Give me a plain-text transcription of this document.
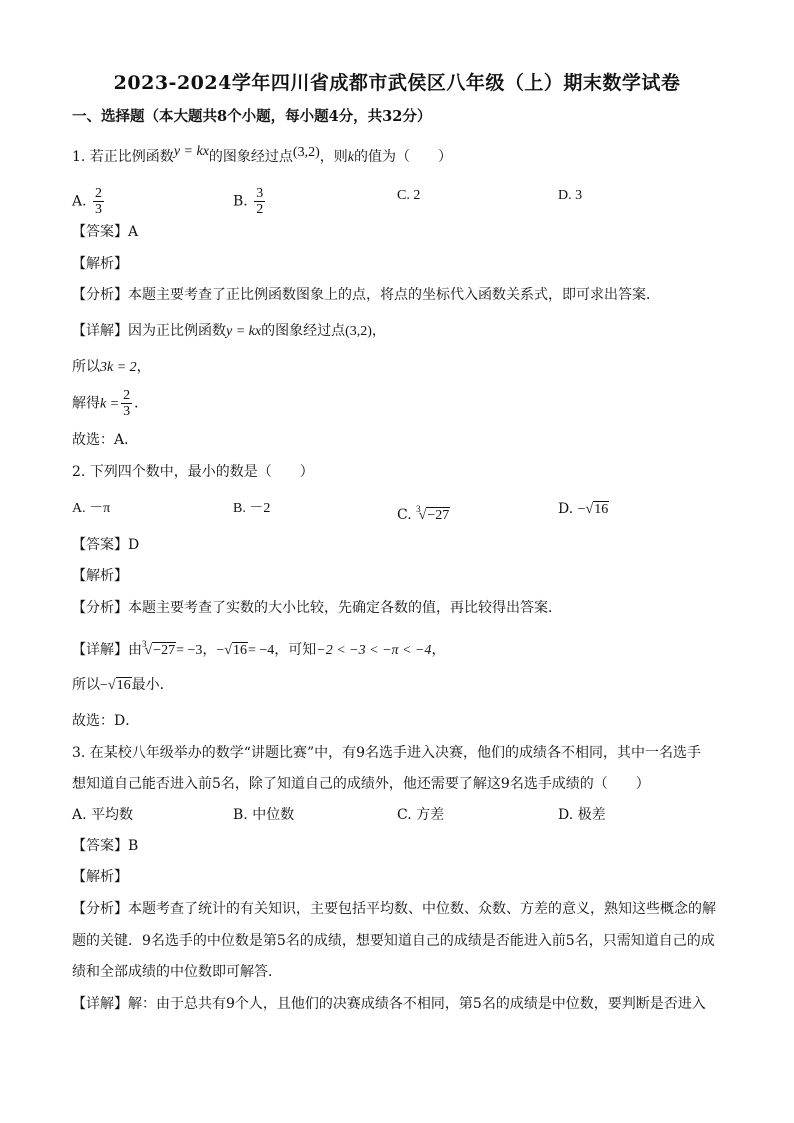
2023-2024学年四川省成都市武侯区八年级（上）期末数学试卷
一、选择题（本大题共8个小题，每小题4分，共32分）
1. 若正比例函数y = kx的图象经过点(3,2)，则k的值为（　　）
A. $\frac{2}{3}$	B. $\frac{3}{2}$	C. 2	D. 3
【答案】A
【解析】
【分析】本题主要考查了正比例函数图象上的点，将点的坐标代入函数关系式，即可求出答案．
【详解】因为正比例函数y = kx的图象经过点(3,2)，
所以3k = 2，
解得$k = \frac{2}{3}$ ．
故选：A．
2. 下列四个数中，最小的数是（　　）
A. －π	B. －2	C. $^3$√−27	D. −√16
【答案】D
【解析】
【分析】本题主要考查了实数的大小比较，先确定各数的值，再比较得出答案．
【详解】由$^3$√−27= −3，−√16= −4，可知−2 < −3 < −π < −4，
所以−√16最小．
故选：D．
3. 在某校八年级举办的数学“讲题比赛”中，有9名选手进入决赛，他们的成绩各不相同，其中一名选手
想知道自己能否进入前5名，除了知道自己的成绩外，他还需要了解这9名选手成绩的（　　）
A. 平均数	B. 中位数	C. 方差	D. 极差
【答案】B
【解析】
【分析】本题考查了统计的有关知识，主要包括平均数、中位数、众数、方差的意义，熟知这些概念的解
题的关键．9名选手的中位数是第5名的成绩，想要知道自己的成绩是否能进入前5名，只需知道自己的成
绩和全部成绩的中位数即可解答．
【详解】解：由于总共有9个人，且他们的决赛成绩各不相同，第5名的成绩是中位数，要判断是否进入
